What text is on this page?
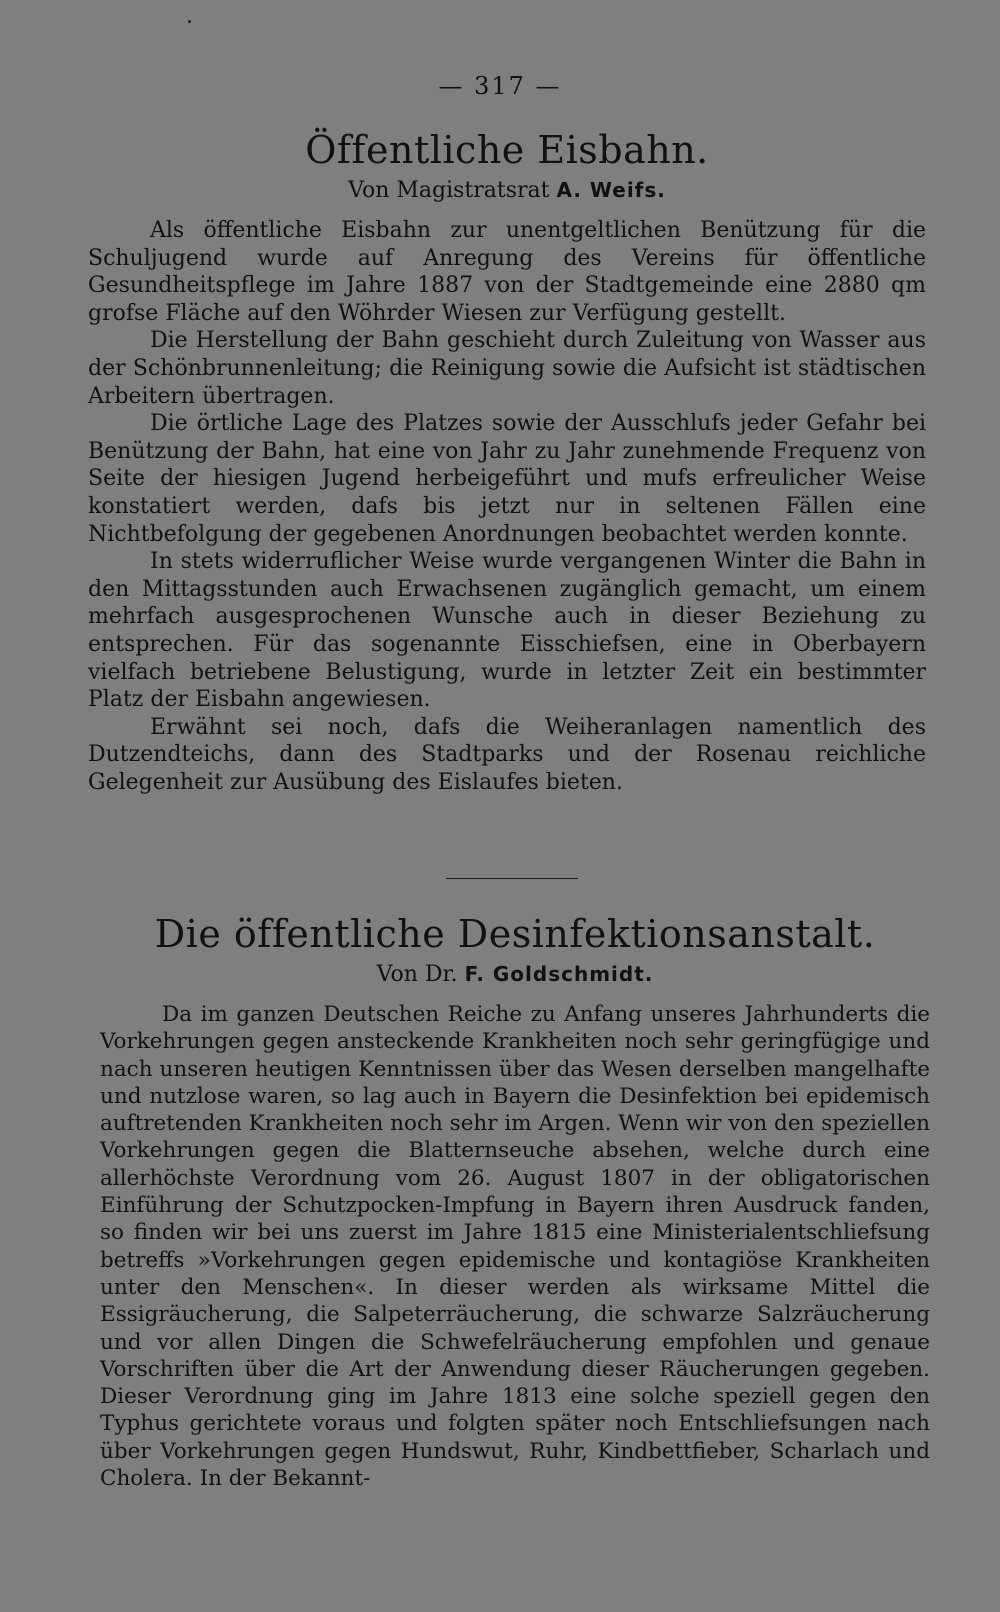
— 317 —
Öffentliche Eisbahn.
Von Magistratsrat A. Weifs.

Als öffentliche Eisbahn zur unentgeltlichen Benützung für die Schuljugend wurde auf Anregung des Vereins für öffentliche Gesundheitspflege im Jahre 1887 von der Stadtgemeinde eine 2880 qm grofse Fläche auf den Wöhrder Wiesen zur Verfügung gestellt.

Die Herstellung der Bahn geschieht durch Zuleitung von Wasser aus der Schönbrunnenleitung; die Reinigung sowie die Aufsicht ist städtischen Arbeitern übertragen.

Die örtliche Lage des Platzes sowie der Ausschlufs jeder Gefahr bei Benützung der Bahn, hat eine von Jahr zu Jahr zunehmende Frequenz von Seite der hiesigen Jugend herbeigeführt und mufs erfreulicher Weise konstatiert werden, dafs bis jetzt nur in seltenen Fällen eine Nichtbefolgung der gegebenen Anordnungen beobachtet werden konnte.

In stets widerruflicher Weise wurde vergangenen Winter die Bahn in den Mittagsstunden auch Erwachsenen zugänglich gemacht, um einem mehrfach ausgesprochenen Wunsche auch in dieser Beziehung zu entsprechen. Für das sogenannte Eisschiefsen, eine in Oberbayern vielfach betriebene Belustigung, wurde in letzter Zeit ein bestimmter Platz der Eisbahn angewiesen.

Erwähnt sei noch, dafs die Weiheranlagen namentlich des Dutzendteichs, dann des Stadtparks und der Rosenau reichliche Gelegenheit zur Ausübung des Eislaufes bieten.

Die öffentliche Desinfektionsanstalt.
Von Dr. F. Goldschmidt.

Da im ganzen Deutschen Reiche zu Anfang unseres Jahrhunderts die Vorkehrungen gegen ansteckende Krankheiten noch sehr geringfügige und nach unseren heutigen Kenntnissen über das Wesen derselben mangelhafte und nutzlose waren, so lag auch in Bayern die Desinfektion bei epidemisch auftretenden Krankheiten noch sehr im Argen. Wenn wir von den speziellen Vorkehrungen gegen die Blatternseuche absehen, welche durch eine allerhöchste Verordnung vom 26. August 1807 in der obligatorischen Einführung der Schutzpocken-Impfung in Bayern ihren Ausdruck fanden, so finden wir bei uns zuerst im Jahre 1815 eine Ministerialentschliefsung betreffs »Vorkehrungen gegen epidemische und kontagiöse Krankheiten unter den Menschen«. In dieser werden als wirksame Mittel die Essigräucherung, die Salpeterräucherung, die schwarze Salzräucherung und vor allen Dingen die Schwefelräucherung empfohlen und genaue Vorschriften über die Art der Anwendung dieser Räucherungen gegeben. Dieser Verordnung ging im Jahre 1813 eine solche speziell gegen den Typhus gerichtete voraus und folgten später noch Entschliefsungen nach über Vorkehrungen gegen Hundswut, Ruhr, Kindbettfieber, Scharlach und Cholera. In der Bekannt-
